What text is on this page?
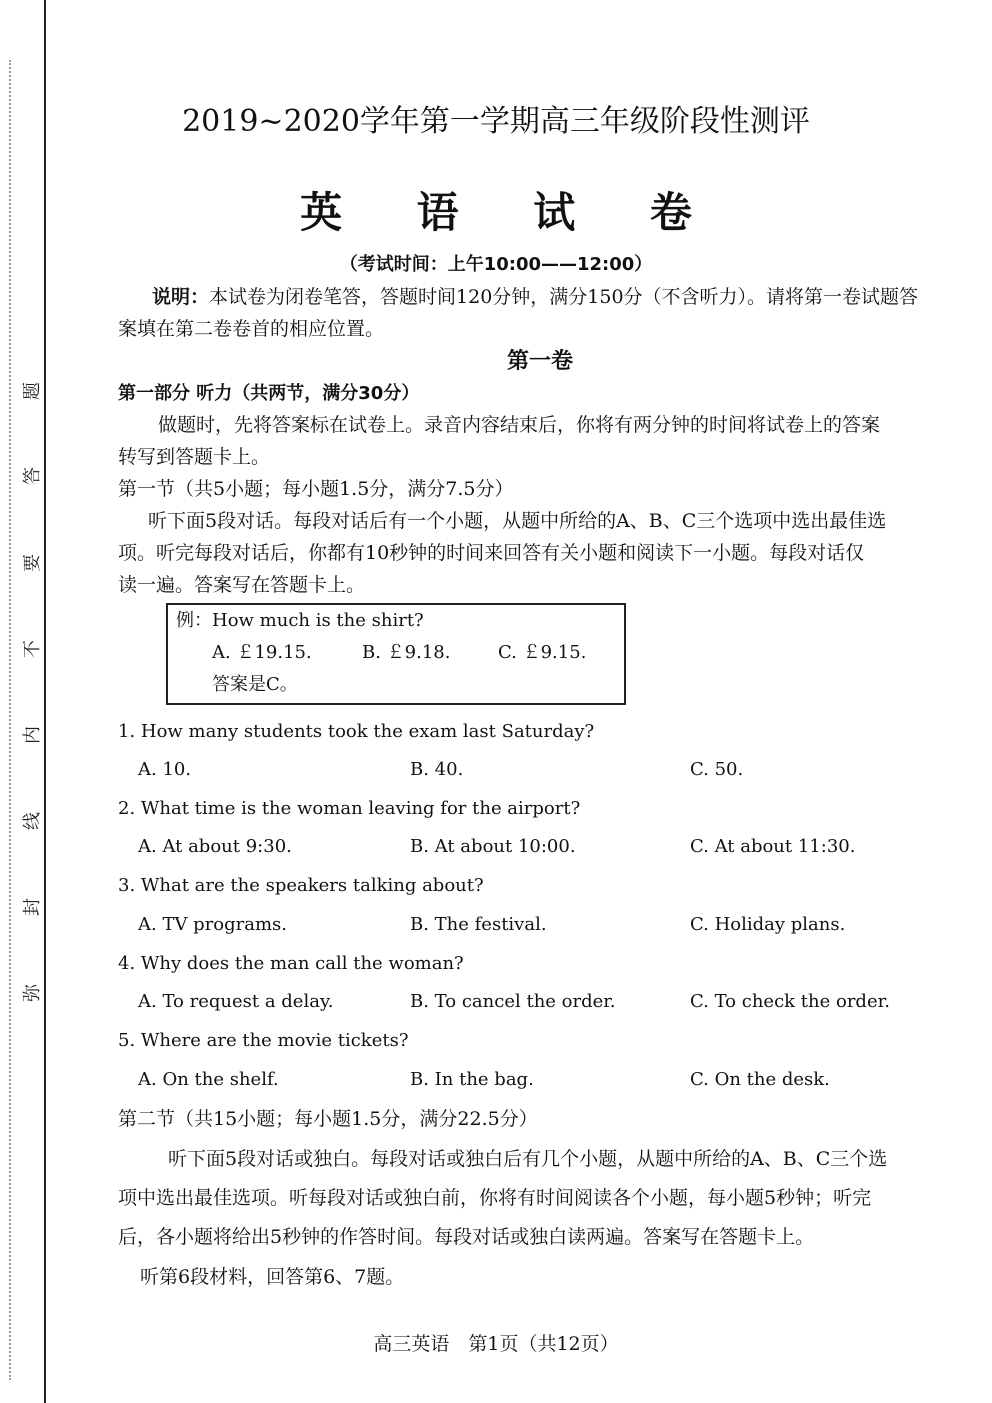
题
答
要
不
内
线
封
弥
2019~2020学年第一学期高三年级阶段性测评
英 语 试 卷
（考试时间：上午10:00——12:00）
说明：本试卷为闭卷笔答，答题时间120分钟，满分150分（不含听力）。请将第一卷试题答
案填在第二卷卷首的相应位置。
第一卷
第一部分 听力（共两节，满分30分）
做题时，先将答案标在试卷上。录音内容结束后，你将有两分钟的时间将试卷上的答案
转写到答题卡上。
第一节（共5小题；每小题1.5分，满分7.5分）
听下面5段对话。每段对话后有一个小题，从题中所给的A、B、C三个选项中选出最佳选
项。听完每段对话后，你都有10秒钟的时间来回答有关小题和阅读下一小题。每段对话仅
读一遍。答案写在答题卡上。
例：How much is the shirt?
A. ￡19.15.	B. ￡9.18.	C. ￡9.15.
答案是C。
1. How many students took the exam last Saturday?
A. 10.	B. 40.	C. 50.
2. What time is the woman leaving for the airport?
A. At about 9:30.	B. At about 10:00.	C. At about 11:30.
3. What are the speakers talking about?
A. TV programs.	B. The festival.	C. Holiday plans.
4. Why does the man call the woman?
A. To request a delay.	B. To cancel the order.	C. To check the order.
5. Where are the movie tickets?
A. On the shelf.	B. In the bag.	C. On the desk.
第二节（共15小题；每小题1.5分，满分22.5分）
听下面5段对话或独白。每段对话或独白后有几个小题，从题中所给的A、B、C三个选
项中选出最佳选项。听每段对话或独白前，你将有时间阅读各个小题，每小题5秒钟；听完
后，各小题将给出5秒钟的作答时间。每段对话或独白读两遍。答案写在答题卡上。
听第6段材料，回答第6、7题。
高三英语　第1页（共12页）
